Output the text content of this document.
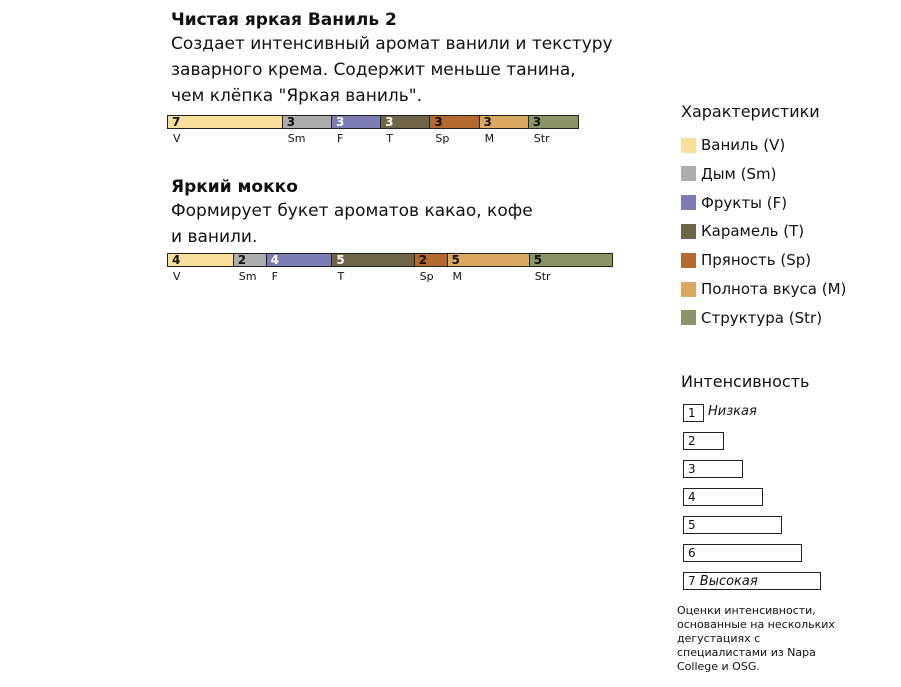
Чистая яркая Ваниль 2

Создает интенсивный аромат ванили и текстуру
заварного крема. Содержит меньше танина,
чем клёпка "Яркая ваниль".

7	3	3	3	3	3	3
V	Sm	F	T	Sp	M	Str

Яркий мокко

Формирует букет ароматов какао, кофе
и ванили.

4	2 4	5	2 5	5
V	Sm F	T	Sp M	Str
Характеристики
Ваниль (V)
Дым (Sm)
Фрукты (F)
Карамель (T)
Пряность (Sp)
Полнота вкуса (M)
Структура (Str)
Интенсивность
1 Низкая
2
3
4
5
6
7 Высокая
Оценки интенсивности,
основанные на нескольких
дегустациях с
специалистами из Napa
College и OSG.
